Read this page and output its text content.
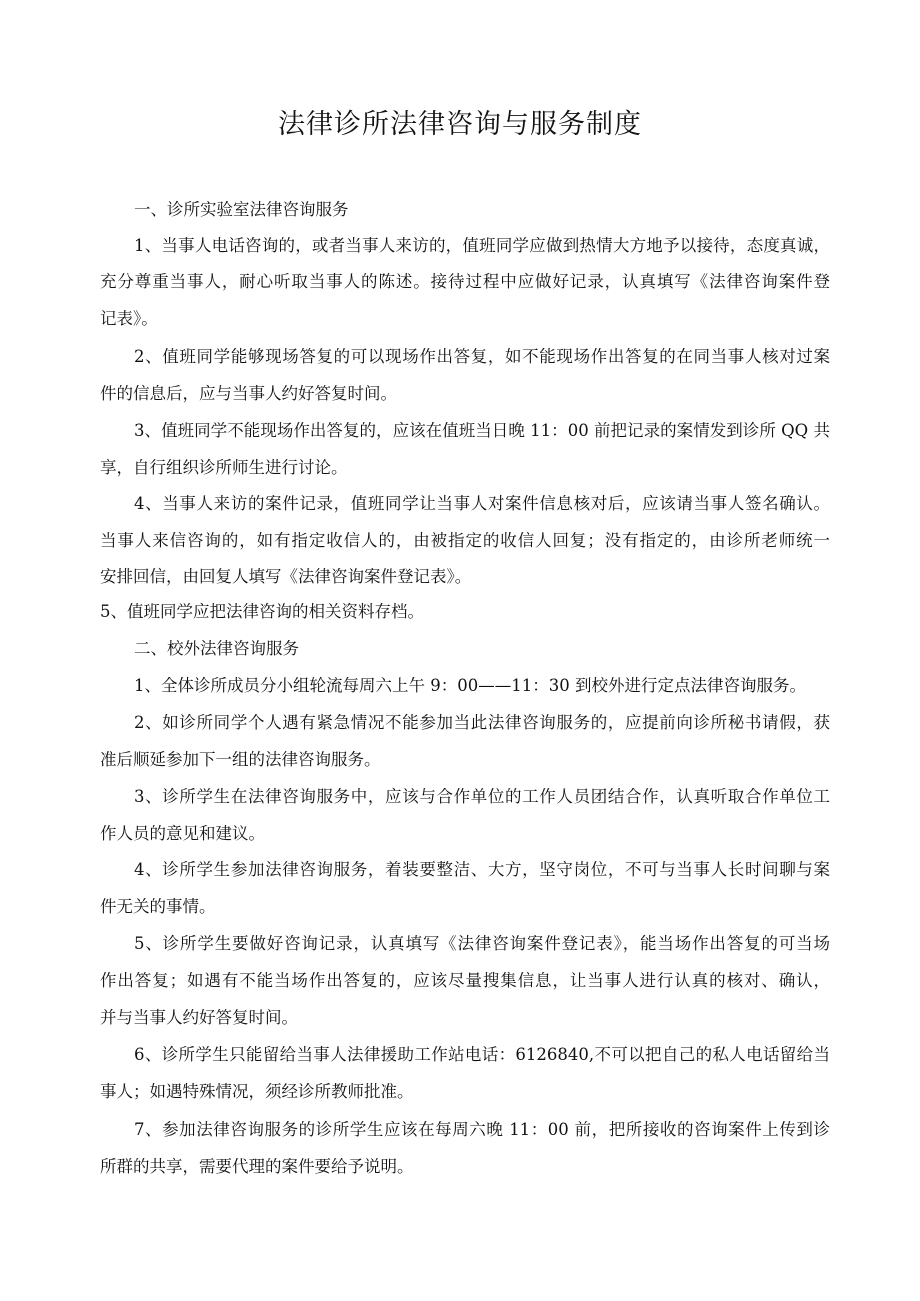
法律诊所法律咨询与服务制度

一、诊所实验室法律咨询服务

1、当事人电话咨询的，或者当事人来访的，值班同学应做到热情大方地予以接待，态度真诚，

充分尊重当事人，耐心听取当事人的陈述。接待过程中应做好记录，认真填写《法律咨询案件登

记表》。

2、值班同学能够现场答复的可以现场作出答复，如不能现场作出答复的在同当事人核对过案

件的信息后，应与当事人约好答复时间。

3、值班同学不能现场作出答复的，应该在值班当日晚 11：00 前把记录的案情发到诊所 QQ 共

享，自行组织诊所师生进行讨论。

4、当事人来访的案件记录，值班同学让当事人对案件信息核对后，应该请当事人签名确认。

当事人来信咨询的，如有指定收信人的，由被指定的收信人回复；没有指定的，由诊所老师统一

安排回信，由回复人填写《法律咨询案件登记表》。

5、值班同学应把法律咨询的相关资料存档。

二、校外法律咨询服务

1、全体诊所成员分小组轮流每周六上午 9：00——11：30 到校外进行定点法律咨询服务。

2、如诊所同学个人遇有紧急情况不能参加当此法律咨询服务的，应提前向诊所秘书请假，获

准后顺延参加下一组的法律咨询服务。

3、诊所学生在法律咨询服务中，应该与合作单位的工作人员团结合作，认真听取合作单位工

作人员的意见和建议。

4、诊所学生参加法律咨询服务，着装要整洁、大方，坚守岗位，不可与当事人长时间聊与案

件无关的事情。

5、诊所学生要做好咨询记录，认真填写《法律咨询案件登记表》，能当场作出答复的可当场

作出答复；如遇有不能当场作出答复的，应该尽量搜集信息，让当事人进行认真的核对、确认，

并与当事人约好答复时间。

6、诊所学生只能留给当事人法律援助工作站电话：6126840,不可以把自己的私人电话留给当

事人；如遇特殊情况，须经诊所教师批准。

7、参加法律咨询服务的诊所学生应该在每周六晚 11：00 前，把所接收的咨询案件上传到诊

所群的共享，需要代理的案件要给予说明。
